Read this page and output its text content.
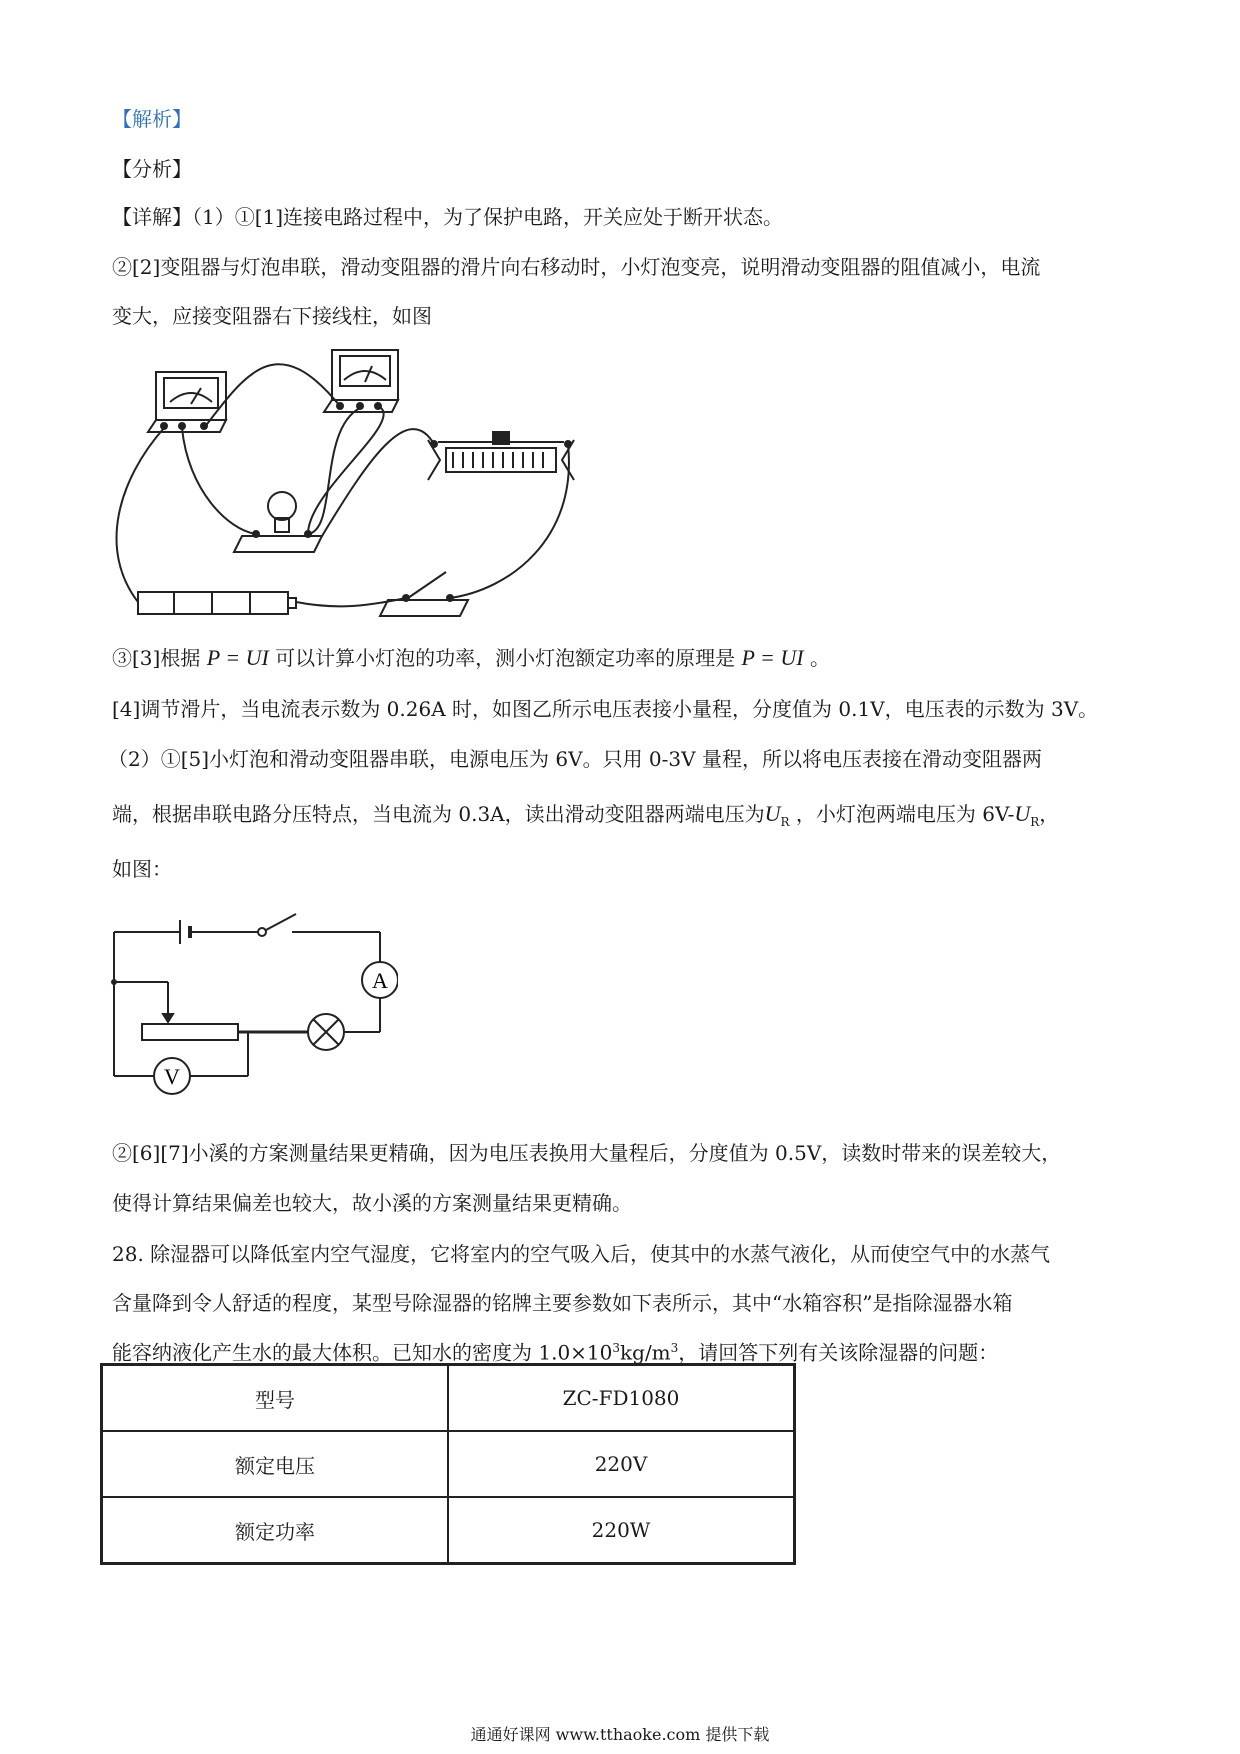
【解析】
【分析】
【详解】（1）①[1]连接电路过程中，为了保护电路，开关应处于断开状态。
②[2]变阻器与灯泡串联，滑动变阻器的滑片向右移动时，小灯泡变亮，说明滑动变阻器的阻值减小，电流
变大，应接变阻器右下接线柱，如图
③[3]根据 P = UI 可以计算小灯泡的功率，测小灯泡额定功率的原理是 P = UI 。
[4]调节滑片，当电流表示数为 0.26A 时，如图乙所示电压表接小量程，分度值为 0.1V，电压表的示数为 3V。
（2）①[5]小灯泡和滑动变阻器串联，电源电压为 6V。只用 0-3V 量程，所以将电压表接在滑动变阻器两
端，根据串联电路分压特点，当电流为 0.3A，读出滑动变阻器两端电压为$U_R$ ，小灯泡两端电压为 $6V-U_R$，
如图：
A
V
②[6][7]小溪的方案测量结果更精确，因为电压表换用大量程后，分度值为 0.5V，读数时带来的误差较大，
使得计算结果偏差也较大，故小溪的方案测量结果更精确。
28. 除湿器可以降低室内空气湿度，它将室内的空气吸入后，使其中的水蒸气液化，从而使空气中的水蒸气
含量降到令人舒适的程度，某型号除湿器的铭牌主要参数如下表所示，其中“水箱容积”是指除湿器水箱
能容纳液化产生水的最大体积。已知水的密度为 $1.0\times 10^3kg/m^3$，请回答下列有关该除湿器的问题：
型号	ZC-FD1080
额定电压	220V
额定功率	220W
通通好课网 www.tthaoke.com 提供下载
